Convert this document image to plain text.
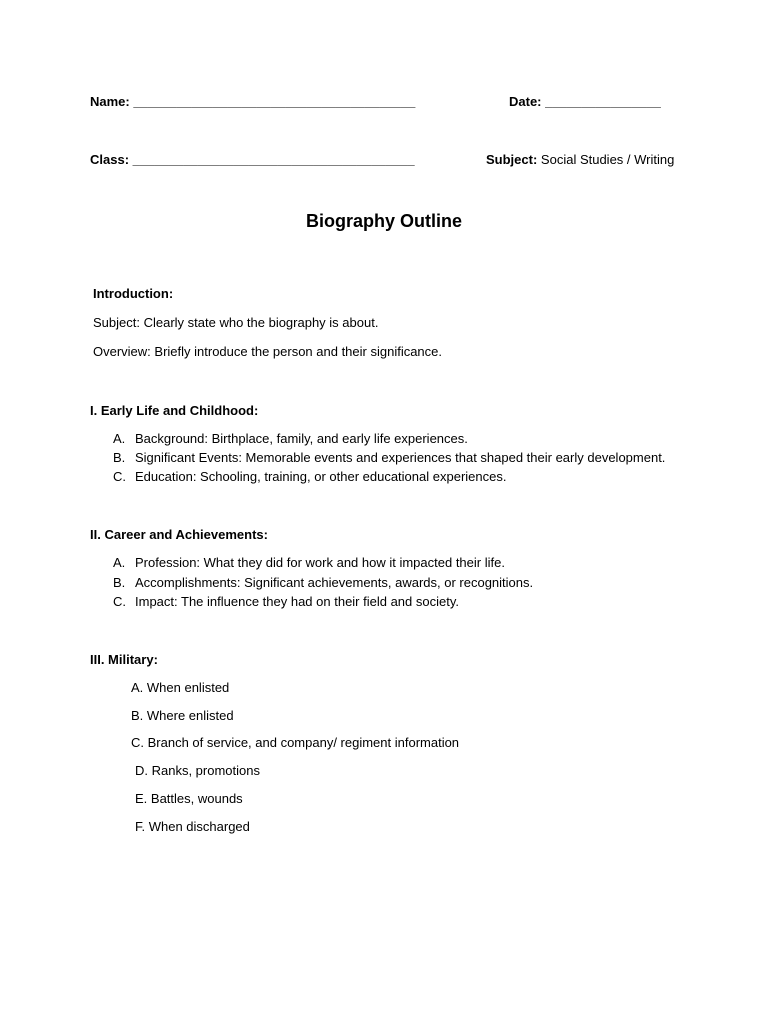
Name: _______________________________________	Date: ________________
Class: _______________________________________	Subject: Social Studies / Writing
Biography Outline
Introduction:
Subject: Clearly state who the biography is about.
Overview: Briefly introduce the person and their significance.
I. Early Life and Childhood:
A. Background: Birthplace, family, and early life experiences.
B. Significant Events: Memorable events and experiences that shaped their early development.
C. Education: Schooling, training, or other educational experiences.
II. Career and Achievements:
A. Profession: What they did for work and how it impacted their life.
B. Accomplishments: Significant achievements, awards, or recognitions.
C. Impact: The influence they had on their field and society.
III. Military:
A. When enlisted
B. Where enlisted
C. Branch of service, and company/ regiment information
D. Ranks, promotions
E. Battles, wounds
F. When discharged
